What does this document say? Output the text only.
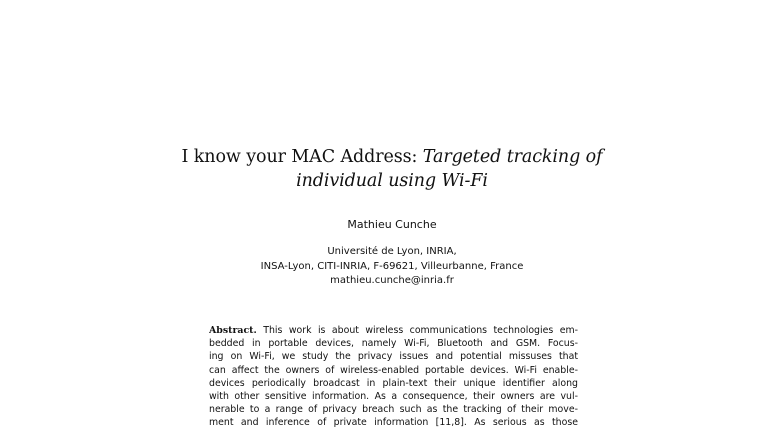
I know your MAC Address: Targeted tracking of
individual using Wi-Fi
Mathieu Cunche
Université de Lyon, INRIA,
INSA-Lyon, CITI-INRIA, F-69621, Villeurbanne, France
mathieu.cunche@inria.fr
Abstract. This work is about wireless communications technologies em-
bedded in portable devices, namely Wi-Fi, Bluetooth and GSM. Focus-
ing on Wi-Fi, we study the privacy issues and potential missuses that
can affect the owners of wireless-enabled portable devices. Wi-Fi enable-
devices periodically broadcast in plain-text their unique identifier along
with other sensitive information. As a consequence, their owners are vul-
nerable to a range of privacy breach such as the tracking of their move-
ment and inference of private information [11,8]. As serious as those
